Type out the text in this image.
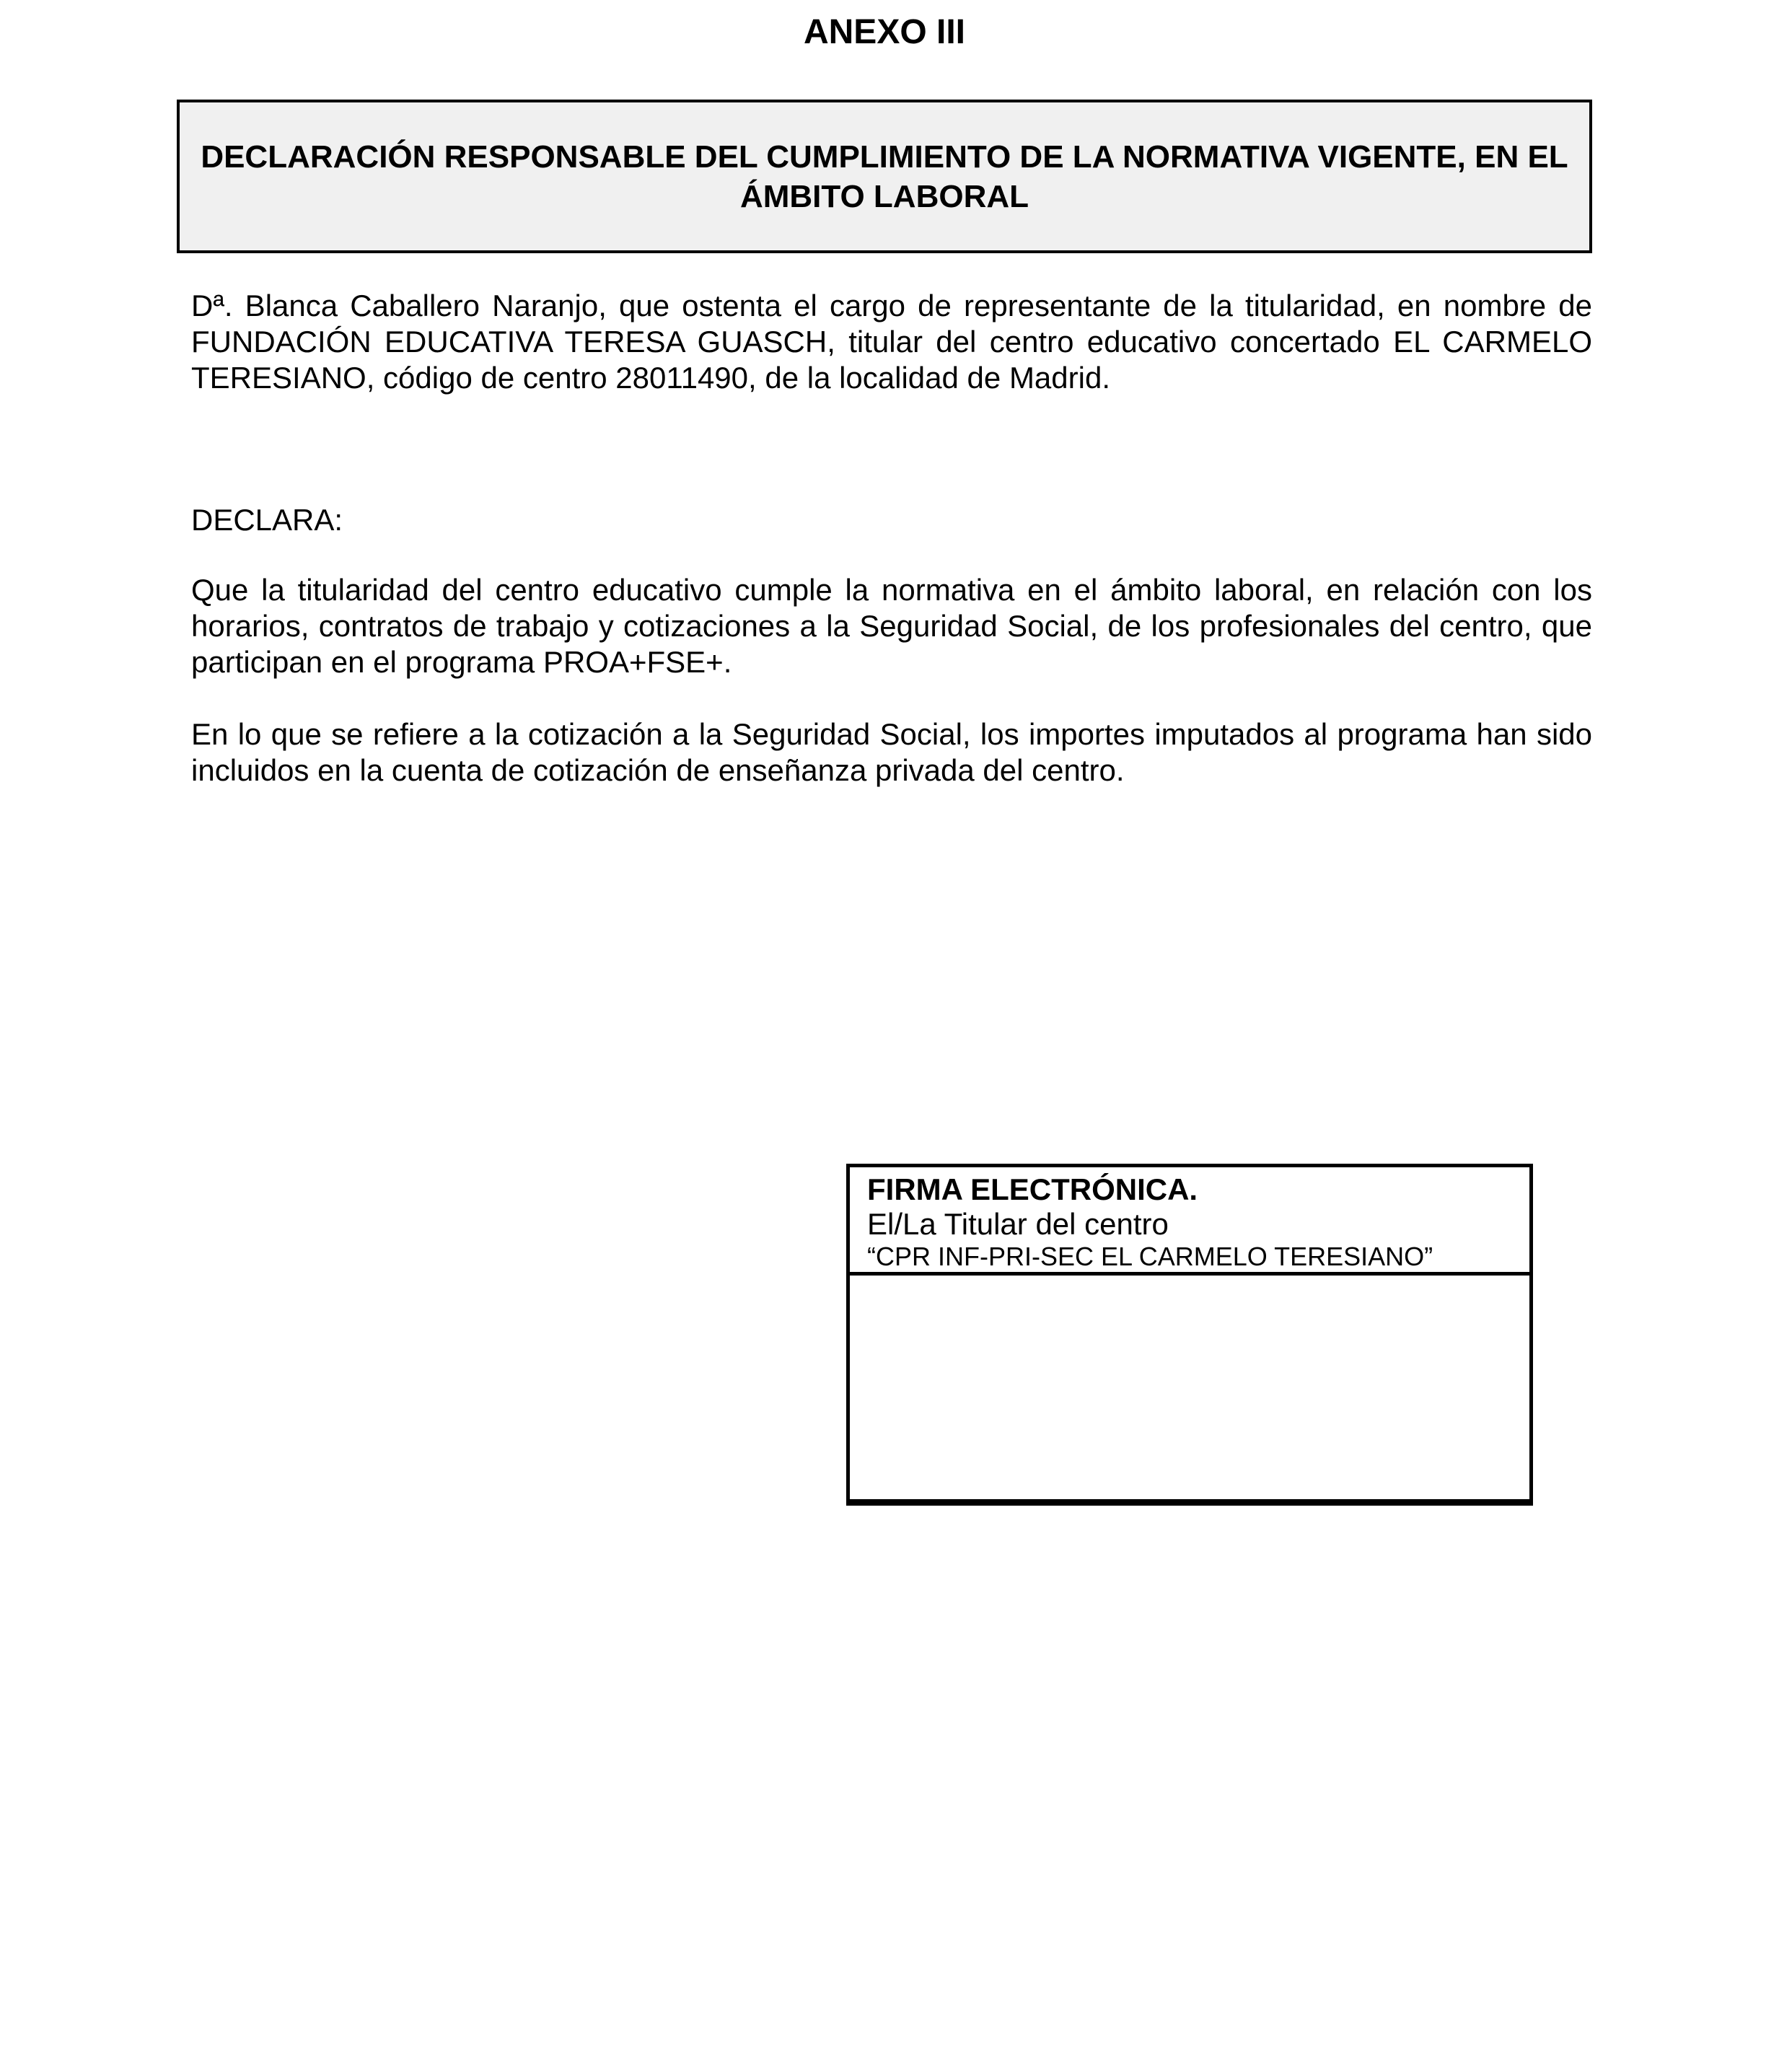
ANEXO III
DECLARACIÓN RESPONSABLE DEL CUMPLIMIENTO DE LA NORMATIVA VIGENTE, EN EL
ÁMBITO LABORAL
Dª. Blanca Caballero Naranjo, que ostenta el cargo de representante de la titularidad, en nombre de FUNDACIÓN EDUCATIVA TERESA GUASCH, titular del centro educativo concertado EL CARMELO TERESIANO, código de centro 28011490, de la localidad de Madrid.
DECLARA:
Que la titularidad del centro educativo cumple la normativa en el ámbito laboral, en relación con los horarios, contratos de trabajo y cotizaciones a la Seguridad Social, de los profesionales del centro, que participan en el programa PROA+FSE+.
En lo que se refiere a la cotización a la Seguridad Social, los importes imputados al programa han sido incluidos en la cuenta de cotización de enseñanza privada del centro.
FIRMA ELECTRÓNICA.
El/La Titular del centro
“CPR INF-PRI-SEC EL CARMELO TERESIANO”
